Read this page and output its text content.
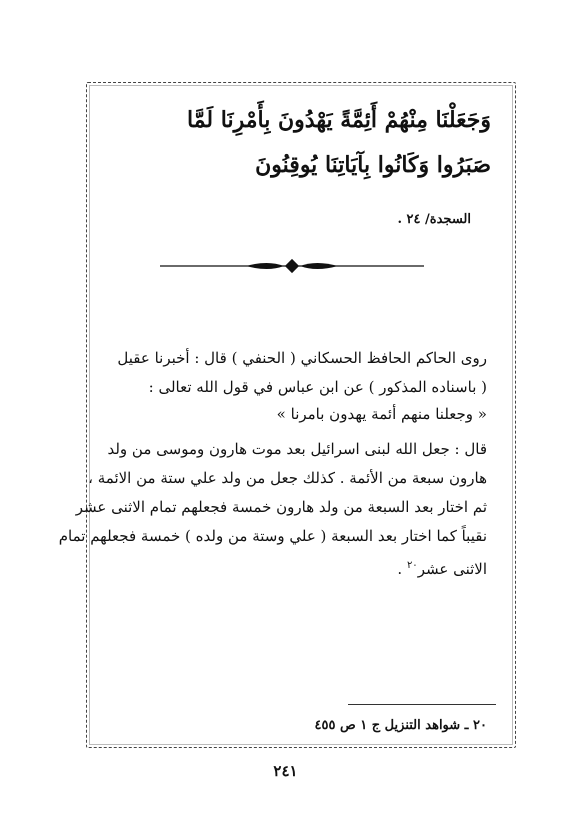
وَجَعَلْنَا مِنْهُمْ أَئِمَّةً يَهْدُونَ بِأَمْرِنَا لَمَّا
صَبَرُوا وَكَانُوا بِآيَاتِنَا يُوقِنُونَ
السجدة/ ٢٤ .
روى الحاكم الحافظ الحسكاني ( الحنفي ) قال : أخبرنا عقيل
( باسناده المذكور ) عن ابن عباس في قول الله تعالى :
« وجعلنا منهم أئمة يهدون بامرنا »
قال : جعل الله لبنى اسرائيل بعد موت هارون وموسى من ولد
هارون سبعة من الأئمة . كذلك جعل من ولد علي ستة من الائمة ،
ثم اختار بعد السبعة من ولد هارون خمسة فجعلهم تمام الاثنى عشر
نقيباً كما اختار بعد السبعة ( علي وستة من ولده ) خمسة فجعلهم تمام
الاثنى عشر$^{٢٠}$ .
٢٠ ـ شواهد التنزيل ج ١ ص ٤٥٥
٢٤١
